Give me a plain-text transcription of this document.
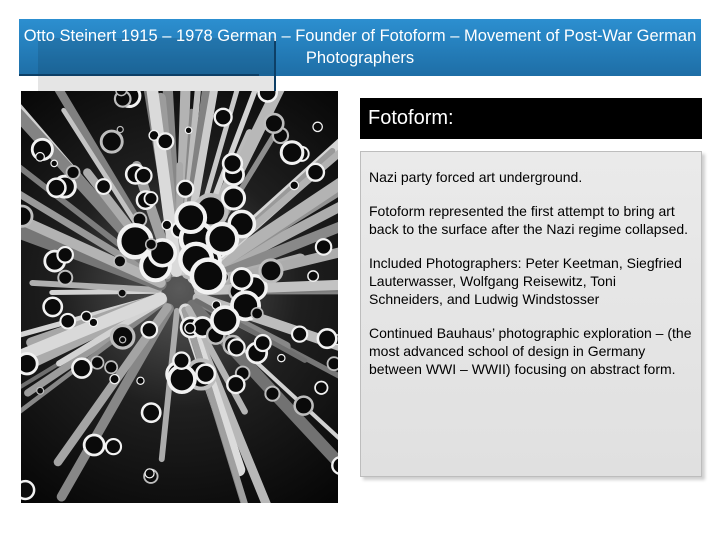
Otto Steinert 1915 – 1978 German – Founder of Fotoform – Movement of Post-War German Photographers
Fotoform:

Nazi party forced art underground.

Fotoform represented the first attempt to bring art back to the surface after the Nazi regime collapsed.

Included Photographers: Peter Keetman, Siegfried Lauterwasser, Wolfgang Reisewitz, Toni Schneiders, and Ludwig Windstosser

Continued Bauhaus’ photographic exploration – (the most advanced school of design in Germany between WWI – WWII) focusing on abstract form.
